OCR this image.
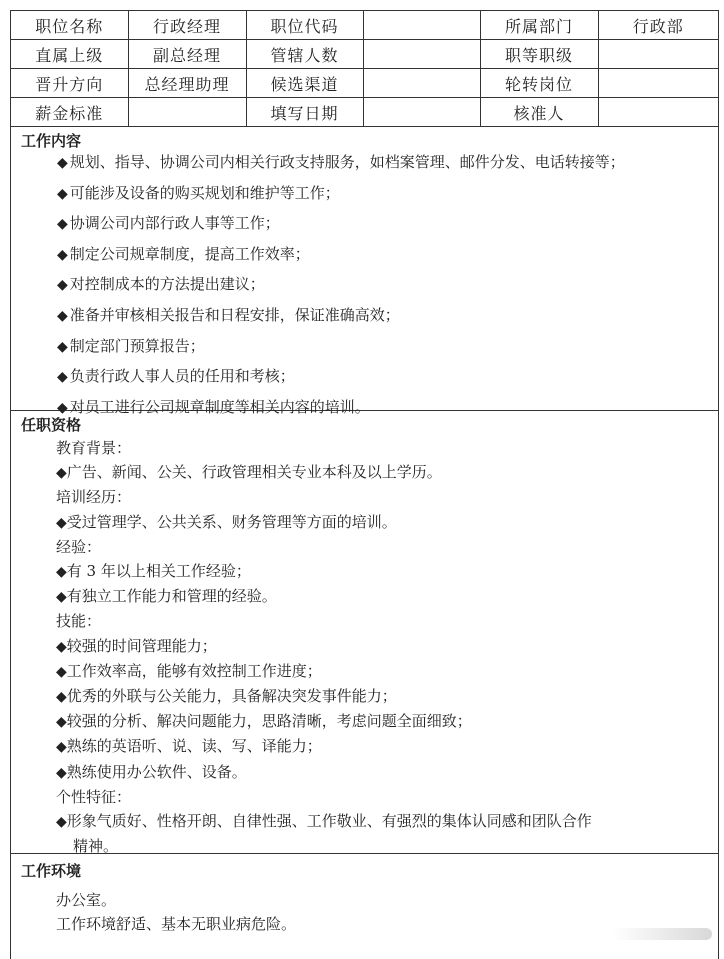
职位名称	行政经理	职位代码		所属部门	行政部
直属上级	副总经理	管辖人数		职等职级	
晋升方向	总经理助理	候选渠道		轮转岗位	
薪金标准		填写日期		核准人	
工作内容
◆ 规划、指导、协调公司内相关行政支持服务，如档案管理、邮件分发、电话转接等；
◆ 可能涉及设备的购买规划和维护等工作；
◆ 协调公司内部行政人事等工作；
◆ 制定公司规章制度，提高工作效率；
◆ 对控制成本的方法提出建议；
◆ 准备并审核相关报告和日程安排，保证准确高效；
◆ 制定部门预算报告；
◆ 负责行政人事人员的任用和考核；
◆ 对员工进行公司规章制度等相关内容的培训。
任职资格
教育背景：
◆广告、新闻、公关、行政管理相关专业本科及以上学历。
培训经历：
◆受过管理学、公共关系、财务管理等方面的培训。
经验：
◆有 3 年以上相关工作经验；
◆有独立工作能力和管理的经验。
技能：
◆较强的时间管理能力；
◆工作效率高，能够有效控制工作进度；
◆优秀的外联与公关能力，具备解决突发事件能力；
◆较强的分析、解决问题能力，思路清晰，考虑问题全面细致；
◆熟练的英语听、说、读、写、译能力；
◆熟练使用办公软件、设备。
个性特征：
◆形象气质好、性格开朗、自律性强、工作敬业、有强烈的集体认同感和团队合作
精神。
工作环境
办公室。
工作环境舒适、基本无职业病危险。
